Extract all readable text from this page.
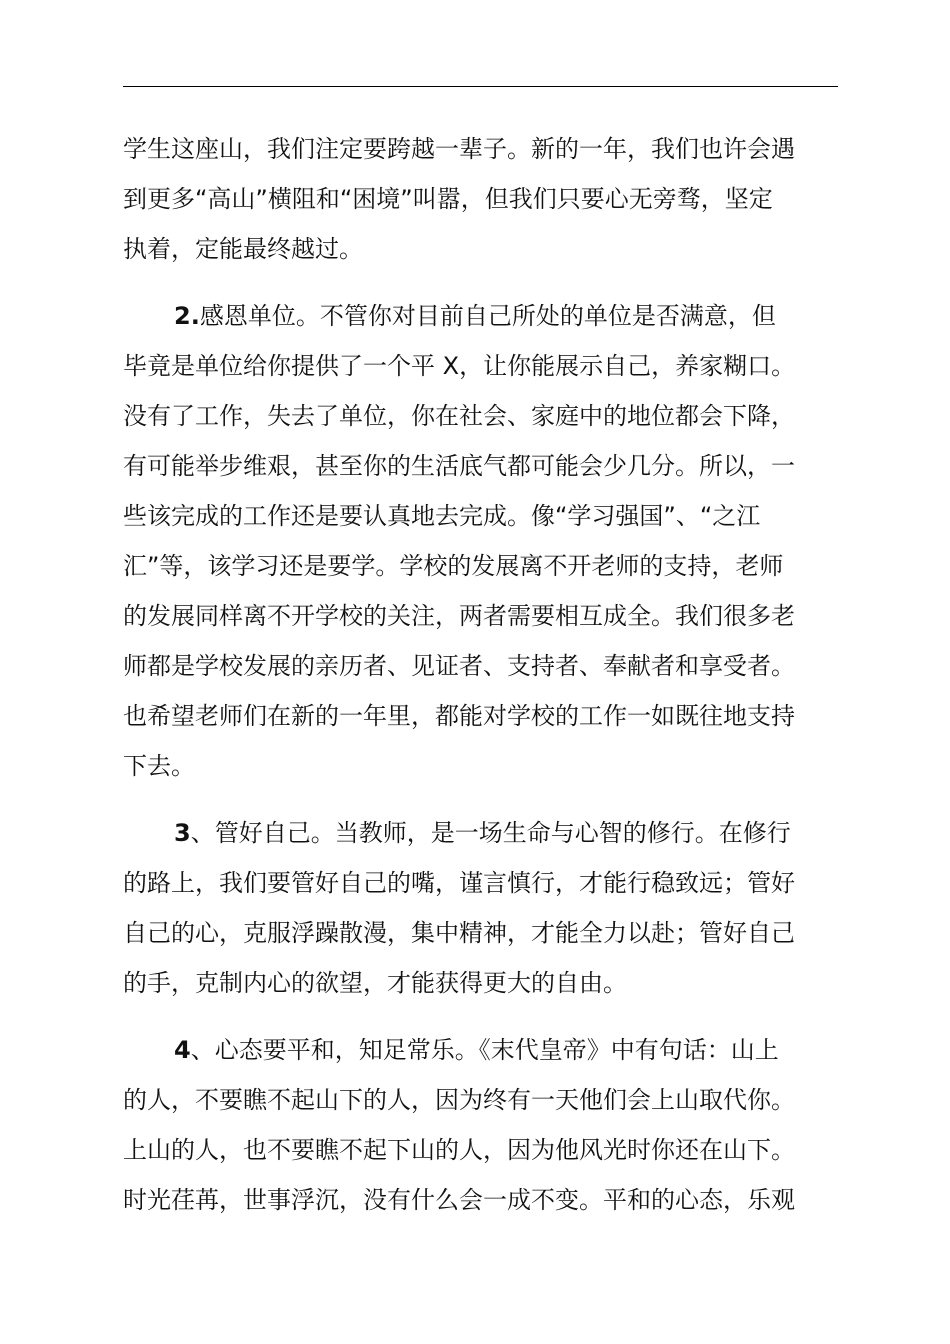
学生这座山，我们注定要跨越一辈子。新的一年，我们也许会遇
到更多“高山”横阻和“困境”叫嚣，但我们只要心无旁骛，坚定
执着，定能最终越过。
2.感恩单位。不管你对目前自己所处的单位是否满意，但
毕竟是单位给你提供了一个平 X，让你能展示自己，养家糊口。
没有了工作，失去了单位，你在社会、家庭中的地位都会下降，
有可能举步维艰，甚至你的生活底气都可能会少几分。所以，一
些该完成的工作还是要认真地去完成。像“学习强国”、“之江
汇”等，该学习还是要学。学校的发展离不开老师的支持，老师
的发展同样离不开学校的关注，两者需要相互成全。我们很多老
师都是学校发展的亲历者、见证者、支持者、奉献者和享受者。
也希望老师们在新的一年里，都能对学校的工作一如既往地支持
下去。
3、管好自己。当教师，是一场生命与心智的修行。在修行
的路上，我们要管好自己的嘴，谨言慎行，才能行稳致远；管好
自己的心，克服浮躁散漫，集中精神，才能全力以赴；管好自己
的手，克制内心的欲望，才能获得更大的自由。
4、心态要平和，知足常乐。《末代皇帝》中有句话：山上
的人，不要瞧不起山下的人，因为终有一天他们会上山取代你。
上山的人，也不要瞧不起下山的人，因为他风光时你还在山下。
时光荏苒，世事浮沉，没有什么会一成不变。平和的心态，乐观
